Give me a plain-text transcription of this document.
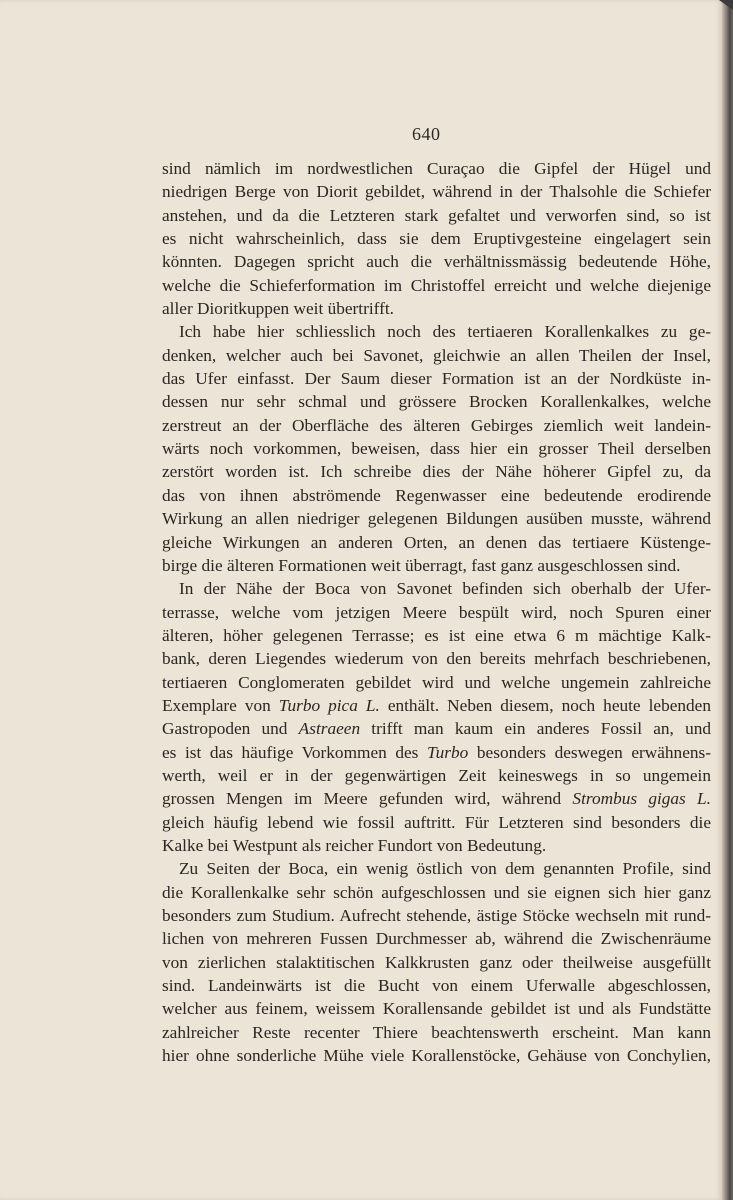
640
sind nämlich im nordwestlichen Curaçao die Gipfel der Hügel und
niedrigen Berge von Diorit gebildet, während in der Thalsohle die Schiefer
anstehen, und da die Letzteren stark gefaltet und verworfen sind, so ist
es nicht wahrscheinlich, dass sie dem Eruptivgesteine eingelagert sein
könnten. Dagegen spricht auch die verhältnissmässig bedeutende Höhe,
welche die Schieferformation im Christoffel erreicht und welche diejenige
aller Dioritkuppen weit übertrifft.
Ich habe hier schliesslich noch des tertiaeren Korallenkalkes zu ge-
denken, welcher auch bei Savonet, gleichwie an allen Theilen der Insel,
das Ufer einfasst. Der Saum dieser Formation ist an der Nordküste in-
dessen nur sehr schmal und grössere Brocken Korallenkalkes, welche
zerstreut an der Oberfläche des älteren Gebirges ziemlich weit landein-
wärts noch vorkommen, beweisen, dass hier ein grosser Theil derselben
zerstört worden ist. Ich schreibe dies der Nähe höherer Gipfel zu, da
das von ihnen abströmende Regenwasser eine bedeutende erodirende
Wirkung an allen niedriger gelegenen Bildungen ausüben musste, während
gleiche Wirkungen an anderen Orten, an denen das tertiaere Küstenge-
birge die älteren Formationen weit überragt, fast ganz ausgeschlossen sind.
In der Nähe der Boca von Savonet befinden sich oberhalb der Ufer-
terrasse, welche vom jetzigen Meere bespült wird, noch Spuren einer
älteren, höher gelegenen Terrasse; es ist eine etwa 6 m mächtige Kalk-
bank, deren Liegendes wiederum von den bereits mehrfach beschriebenen,
tertiaeren Conglomeraten gebildet wird und welche ungemein zahlreiche
Exemplare von Turbo pica L. enthält. Neben diesem, noch heute lebenden
Gastropoden und Astraeen trifft man kaum ein anderes Fossil an, und
es ist das häufige Vorkommen des Turbo besonders deswegen erwähnens-
werth, weil er in der gegenwärtigen Zeit keineswegs in so ungemein
grossen Mengen im Meere gefunden wird, während Strombus gigas L.
gleich häufig lebend wie fossil auftritt. Für Letzteren sind besonders die
Kalke bei Westpunt als reicher Fundort von Bedeutung.
Zu Seiten der Boca, ein wenig östlich von dem genannten Profile, sind
die Korallenkalke sehr schön aufgeschlossen und sie eignen sich hier ganz
besonders zum Studium. Aufrecht stehende, ästige Stöcke wechseln mit rund-
lichen von mehreren Fussen Durchmesser ab, während die Zwischenräume
von zierlichen stalaktitischen Kalkkrusten ganz oder theilweise ausgefüllt
sind. Landeinwärts ist die Bucht von einem Uferwalle abgeschlossen,
welcher aus feinem, weissem Korallensande gebildet ist und als Fundstätte
zahlreicher Reste recenter Thiere beachtenswerth erscheint. Man kann
hier ohne sonderliche Mühe viele Korallenstöcke, Gehäuse von Conchylien,
